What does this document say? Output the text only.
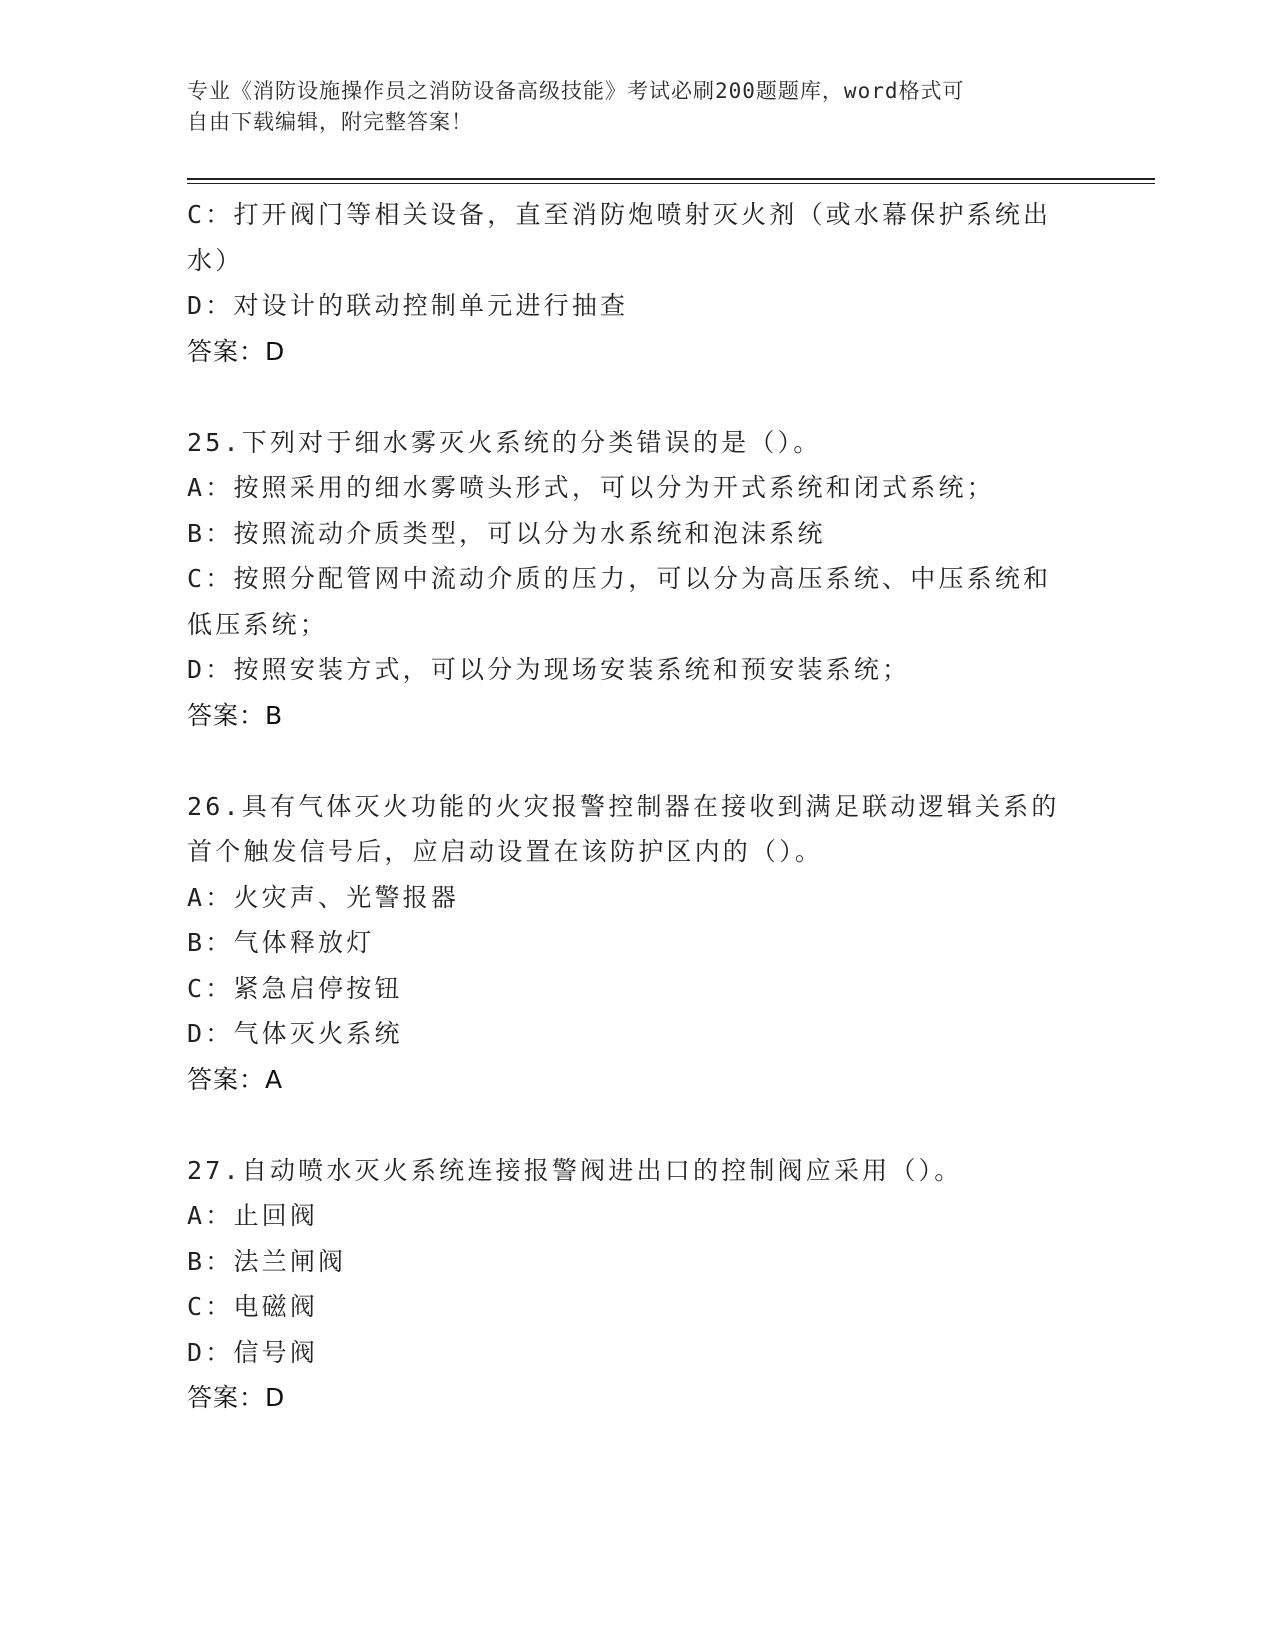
专业《消防设施操作员之消防设备高级技能》考试必刷200题题库，word格式可
自由下载编辑，附完整答案！
C：打开阀门等相关设备，直至消防炮喷射灭火剂（或水幕保护系统出
水）
D：对设计的联动控制单元进行抽查
答案：D
25.下列对于细水雾灭火系统的分类错误的是（）。
A：按照采用的细水雾喷头形式，可以分为开式系统和闭式系统；
B：按照流动介质类型，可以分为水系统和泡沫系统
C：按照分配管网中流动介质的压力，可以分为高压系统、中压系统和
低压系统；
D：按照安装方式，可以分为现场安装系统和预安装系统；
答案：B
26.具有气体灭火功能的火灾报警控制器在接收到满足联动逻辑关系的
首个触发信号后，应启动设置在该防护区内的（）。
A：火灾声、光警报器
B：气体释放灯
C：紧急启停按钮
D：气体灭火系统
答案：A
27.自动喷水灭火系统连接报警阀进出口的控制阀应采用（）。
A：止回阀
B：法兰闸阀
C：电磁阀
D：信号阀
答案：D
